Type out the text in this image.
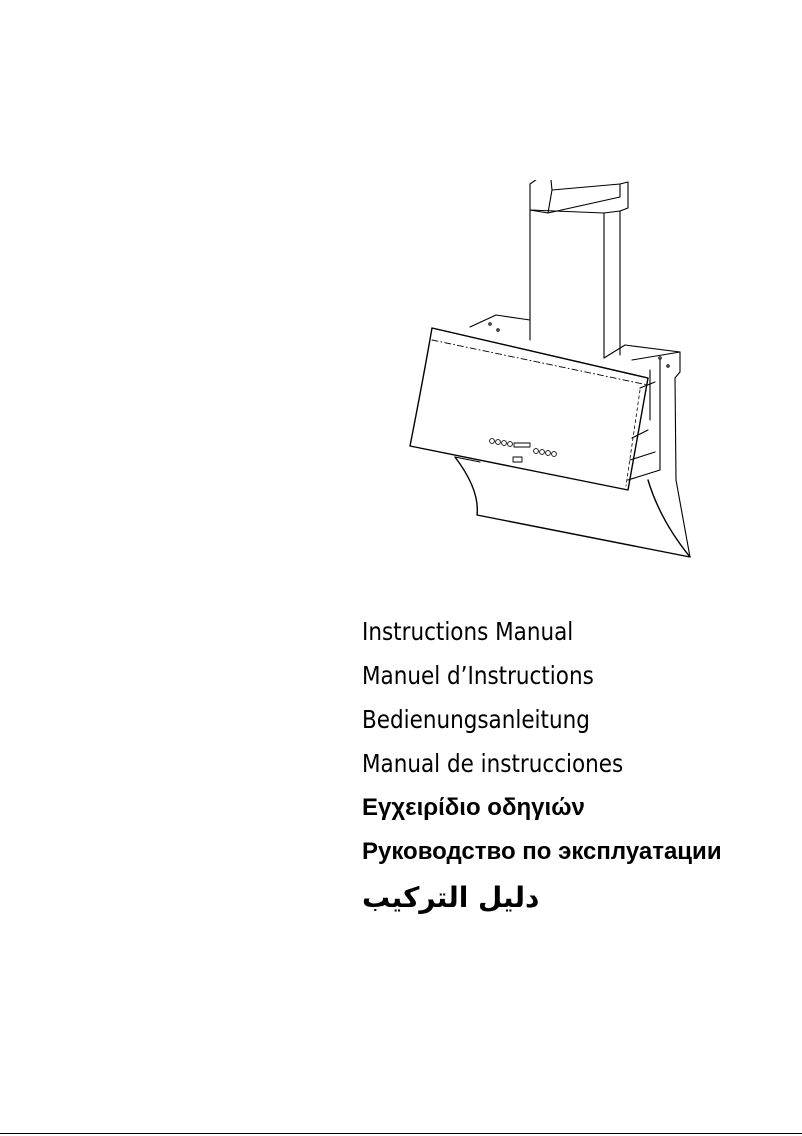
Instructions Manual
Manuel d’Instructions
Bedienungsanleitung
Manual de instrucciones
Εγχειρίδιο οδηγιών
Руководство по эксплуатации
دليل التركيب
